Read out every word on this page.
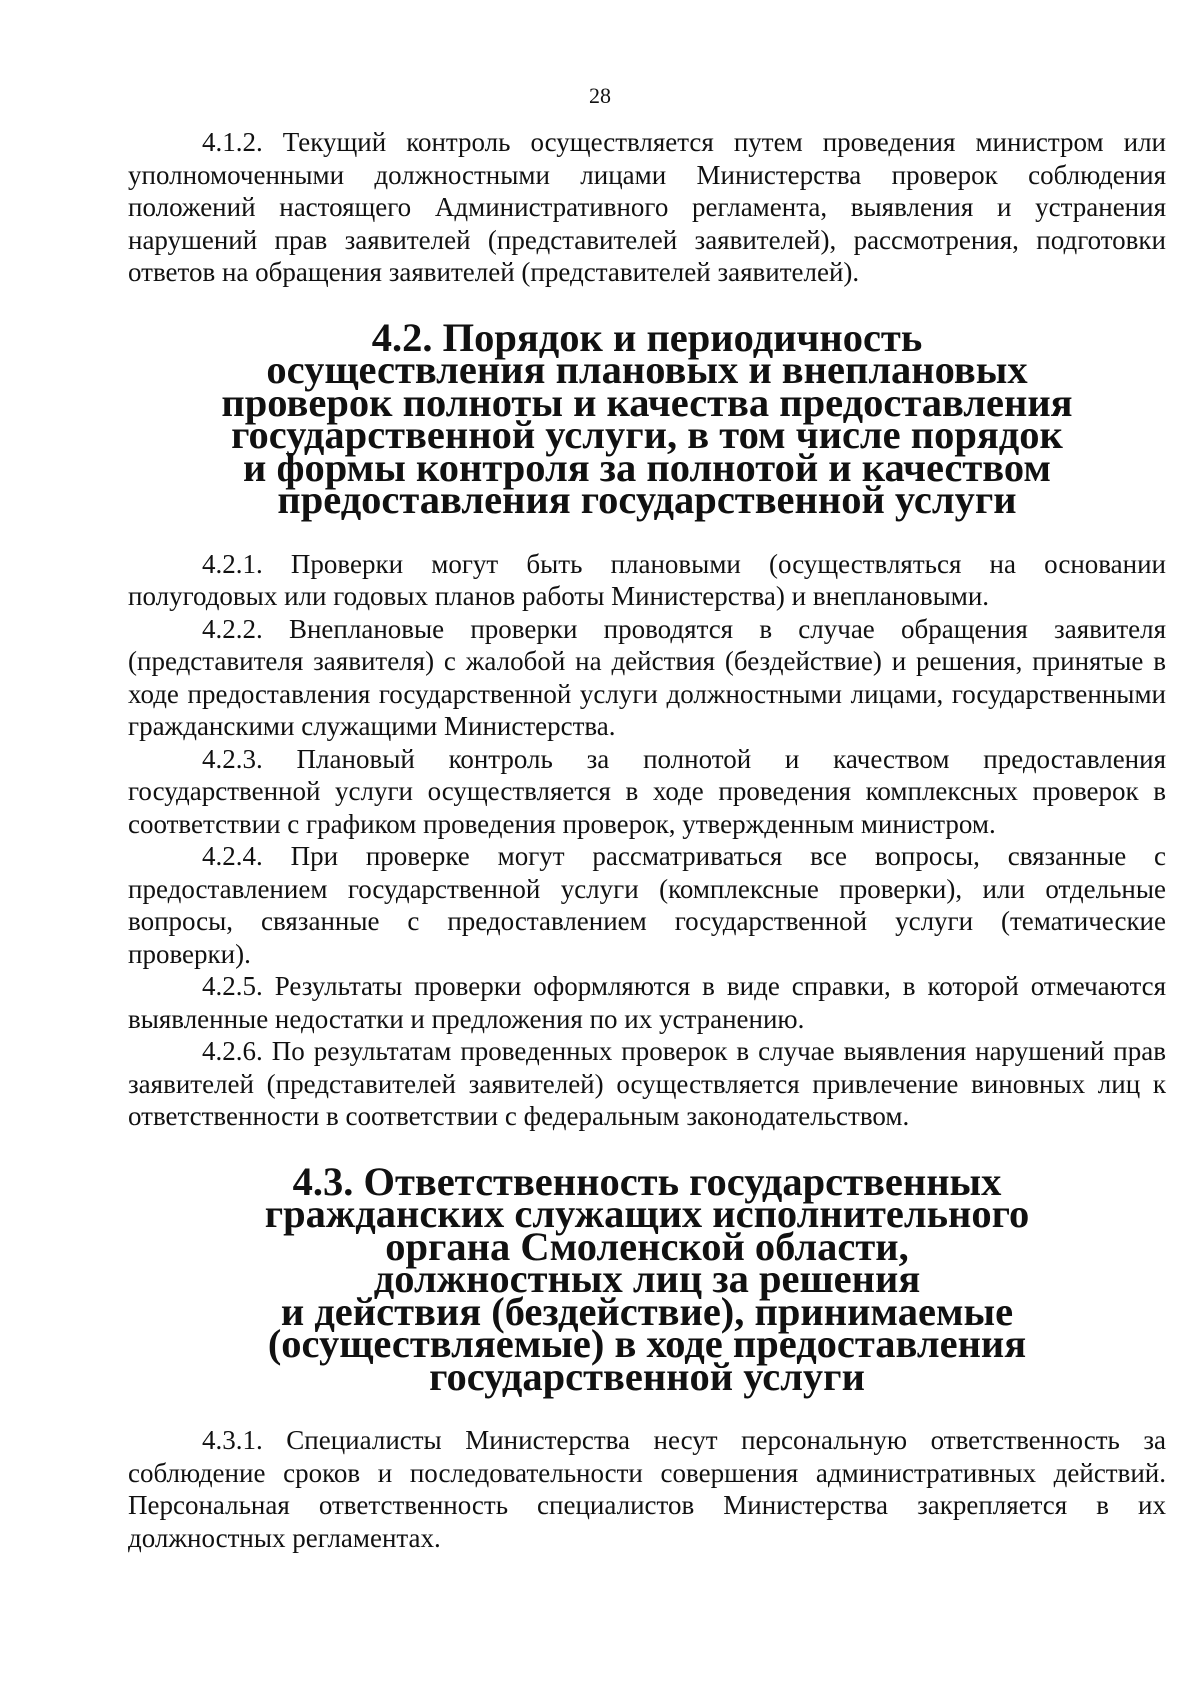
28

4.1.2. Текущий контроль осуществляется путем проведения министром или уполномоченными должностными лицами Министерства проверок соблюдения положений настоящего Административного регламента, выявления и устранения нарушений прав заявителей (представителей заявителей), рассмотрения, подготовки ответов на обращения заявителей (представителей заявителей).

4.2. Порядок и периодичность
осуществления плановых и внеплановых
проверок полноты и качества предоставления
государственной услуги, в том числе порядок
и формы контроля за полнотой и качеством
предоставления государственной услуги

4.2.1. Проверки могут быть плановыми (осуществляться на основании полугодовых или годовых планов работы Министерства) и внеплановыми.

4.2.2. Внеплановые проверки проводятся в случае обращения заявителя (представителя заявителя) с жалобой на действия (бездействие) и решения, принятые в ходе предоставления государственной услуги должностными лицами, государственными гражданскими служащими Министерства.

4.2.3. Плановый контроль за полнотой и качеством предоставления государственной услуги осуществляется в ходе проведения комплексных проверок в соответствии с графиком проведения проверок, утвержденным министром.

4.2.4. При проверке могут рассматриваться все вопросы, связанные с предоставлением государственной услуги (комплексные проверки), или отдельные вопросы, связанные с предоставлением государственной услуги (тематические проверки).

4.2.5. Результаты проверки оформляются в виде справки, в которой отмечаются выявленные недостатки и предложения по их устранению.

4.2.6. По результатам проведенных проверок в случае выявления нарушений прав заявителей (представителей заявителей) осуществляется привлечение виновных лиц к ответственности в соответствии с федеральным законодательством.

4.3. Ответственность государственных
гражданских служащих исполнительного
органа Смоленской области,
должностных лиц за решения
и действия (бездействие), принимаемые
(осуществляемые) в ходе предоставления
государственной услуги

4.3.1. Специалисты Министерства несут персональную ответственность за соблюдение сроков и последовательности совершения административных действий. Персональная ответственность специалистов Министерства закрепляется в их должностных регламентах.
